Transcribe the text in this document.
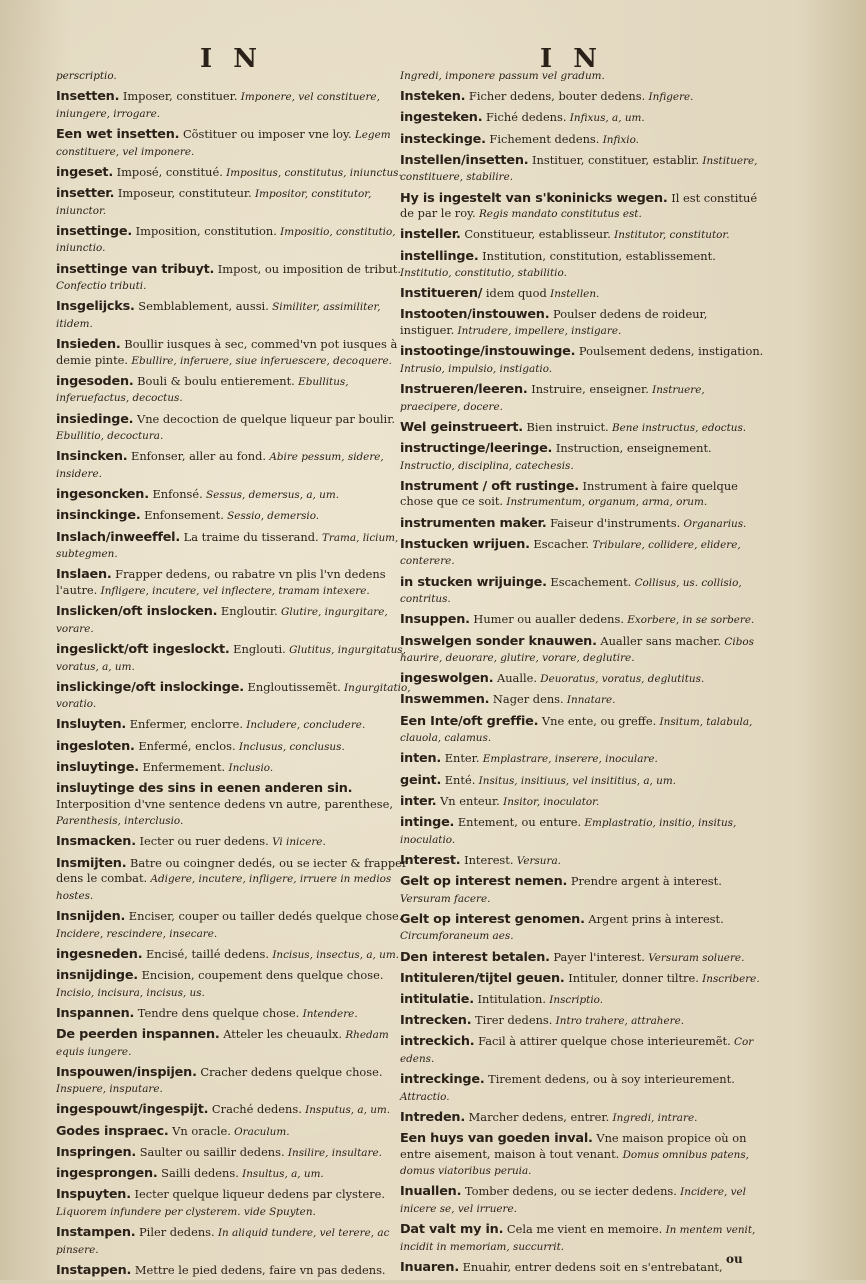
I N	I N
perscriptio.
Insetten. Imposer, constituer. Imponere, vel constituere, iniungere, irrogare.
Een wet insetten. Cõstituer ou imposer vne loy. Legem constituere, vel imponere.
ingeset. Imposé, constitué. Impositus, constitutus, iniunctus.
insetter. Imposeur, constituteur. Impositor, constitutor, iniunctor.
insettinge. Imposition, constitution. Impositio, constitutio, iniunctio.
insettinge van tribuyt. Impost, ou imposition de tribut. Confectio tributi.
Insgelijcks. Semblablement, aussi. Similiter, assimiliter, itidem.
Insieden. Boullir iusques à sec, commed'vn pot iusques à demie pinte. Ebullire, inferuere, siue inferuescere, decoquere.
ingesoden. Bouli & boulu entierement. Ebullitus, inferuefactus, decoctus.
insiedinge. Vne decoction de quelque liqueur par boulir. Ebullitio, decoctura.
Insincken. Enfonser, aller au fond. Abire pessum, sidere, insidere.
ingesoncken. Enfonsé. Sessus, demersus, a, um.
insinckinge. Enfonsement. Sessio, demersio.
Inslach/inweeffel. La traime du tisserand. Trama, licium, subtegmen.
Inslaen. Frapper dedens, ou rabatre vn plis l'vn dedens l'autre. Infligere, incutere, vel inflectere, tramam intexere.
Inslicken/oft inslocken. Engloutir. Glutire, ingurgitare, vorare.
ingeslickt/oft ingeslockt. Englouti. Glutitus, ingurgitatus, voratus, a, um.
inslickinge/oft inslockinge. Engloutissemẽt. Ingurgitatio, voratio.
Insluyten. Enfermer, enclorre. Includere, concludere.
ingesloten. Enfermé, enclos. Inclusus, conclusus.
insluytinge. Enfermement. Inclusio.
insluytinge des sins in eenen anderen sin. Interposition d'vne sentence dedens vn autre, parenthese, Parenthesis, interclusio.
Insmacken. Iecter ou ruer dedens. Vi inicere.
Insmijten. Batre ou coingner dedés, ou se iecter & frapper dens le combat. Adigere, incutere, infligere, irruere in medios hostes.
Insnijden. Enciser, couper ou tailler dedés quelque chose. Incidere, rescindere, insecare.
ingesneden. Encisé, taillé dedens. Incisus, insectus, a, um.
insnijdinge. Encision, coupement dens quelque chose. Incisio, incisura, incisus, us.
Inspannen. Tendre dens quelque chose. Intendere.
De peerden inspannen. Atteler les cheuaulx. Rhedam equis iungere.
Inspouwen/inspijen. Cracher dedens quelque chose. Inspuere, insputare.
ingespouwt/ingespijt. Craché dedens. Insputus, a, um.
Godes inspraec. Vn oracle. Oraculum.
Inspringen. Saulter ou saillir dedens. Insilire, insultare.
ingesprongen. Sailli dedens. Insultus, a, um.
Inspuyten. Iecter quelque liqueur dedens par clystere. Liquorem infundere per clysterem. vide Spuyten.
Instampen. Piler dedens. In aliquid tundere, vel terere, ac pinsere.
Instappen. Mettre le pied dedens, faire vn pas dedens.
Ingredi, imponere passum vel gradum.
Insteken. Ficher dedens, bouter dedens. Infigere.
ingesteken. Fiché dedens. Infixus, a, um.
insteckinge. Fichement dedens. Infixio.
Instellen/insetten. Instituer, constituer, establir. Instituere, constituere, stabilire.
Hy is ingestelt van s'koninicks wegen. Il est constitué de par le roy. Regis mandato constitutus est.
insteller. Constitueur, establisseur. Institutor, constitutor.
instellinge. Institution, constitution, establissement. Institutio, constitutio, stabilitio.
Institueren/ idem quod Instellen.
Instooten/instouwen. Poulser dedens de roideur, instiguer. Intrudere, impellere, instigare.
instootinge/instouwinge. Poulsement dedens, instigation. Intrusio, impulsio, instigatio.
Instrueren/leeren. Instruire, enseigner. Instruere, praecipere, docere.
Wel geinstrueert. Bien instruict. Bene instructus, edoctus.
instructinge/leeringe. Instruction, enseignement. Instructio, disciplina, catechesis.
Instrument / oft rustinge. Instrument à faire quelque chose que ce soit. Instrumentum, organum, arma, orum.
instrumenten maker. Faiseur d'instruments. Organarius.
Instucken wrijuen. Escacher. Tribulare, collidere, elidere, conterere.
in stucken wrijuinge. Escachement. Collisus, us. collisio, contritus.
Insuppen. Humer ou aualler dedens. Exorbere, in se sorbere.
Inswelgen sonder knauwen. Aualler sans macher. Cibos haurire, deuorare, glutire, vorare, deglutire.
ingeswolgen. Aualle. Deuoratus, voratus, deglutitus.
Inswemmen. Nager dens. Innatare.
Een Inte/oft greffie. Vne ente, ou greffe. Insitum, talabula, clauola, calamus.
inten. Enter. Emplastrare, inserere, inoculare.
geint. Enté. Insitus, insitiuus, vel insititius, a, um.
inter. Vn enteur. Insitor, inoculator.
intinge. Entement, ou enture. Emplastratio, insitio, insitus, inoculatio.
Interest. Interest. Versura.
Gelt op interest nemen. Prendre argent à interest. Versuram facere.
Gelt op interest genomen. Argent prins à interest. Circumforaneum aes.
Den interest betalen. Payer l'interest. Versuram soluere.
Intituleren/tijtel geuen. Intituler, donner tiltre. Inscribere.
intitulatie. Intitulation. Inscriptio.
Intrecken. Tirer dedens. Intro trahere, attrahere.
intreckich. Facil à attirer quelque chose interieuremẽt. Cor edens.
intreckinge. Tirement dedens, ou à soy interieurement. Attractio.
Intreden. Marcher dedens, entrer. Ingredi, intrare.
Een huys van goeden inval. Vne maison propice où on entre aisement, maison à tout venant. Domus omnibus patens, domus viatoribus peruia.
Inuallen. Tomber dedens, ou se iecter dedens. Incidere, vel inicere se, vel irruere.
Dat valt my in. Cela me vient en memoire. In mentem venit, incidit in memoriam, succurrit.
Inuaren. Enuahir, entrer dedens soit en s'entrebatant,
ou
